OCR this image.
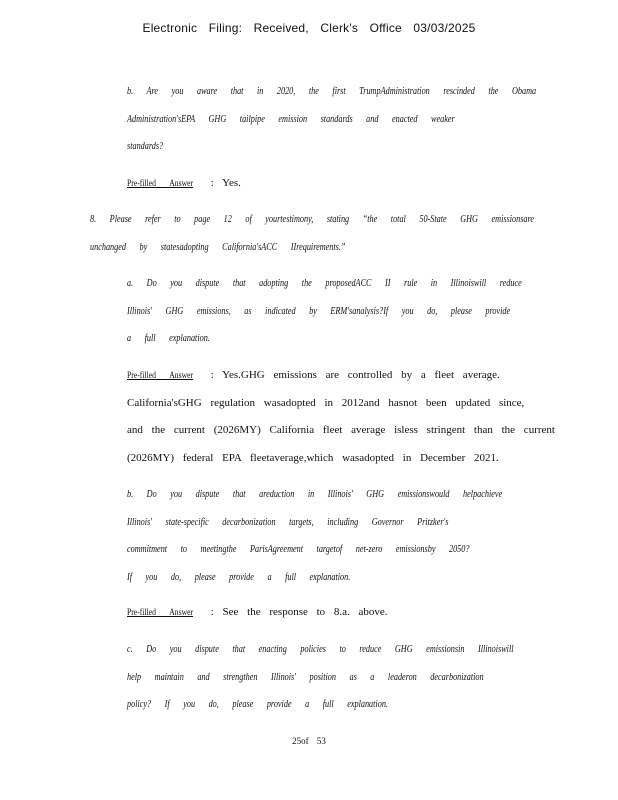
Electronic Filing: Received, Clerk's Office 03/03/2025
b. Are you aware that in 2020, the first TrumpAdministration rescinded the Obama
Administration'sEPA GHG tailpipe emission standards and enacted weaker
standards?
Pre-filled Answer : Yes.
8. Please refer to page 12 of yourtestimony, stating “the total 50-State GHG emissionsare
unchanged by statesadopting California'sACC IIrequirements.”
a. Do you dispute that adopting the proposedACC II rule in Illinoiswill reduce
Illinois' GHG emissions, as indicated by ERM'sanalysis?If you do, please provide
a full explanation.
Pre-filled Answer : Yes.GHG emissions are controlled by a fleet average.
California'sGHG regulation wasadopted in 2012and hasnot been updated since,
and the current (2026MY) California fleet average isless stringent than the current
(2026MY) federal EPA fleetaverage,which wasadopted in December 2021.
b. Do you dispute that areduction in Illinois' GHG emissionswould helpachieve
Illinois' state-specific decarbonization targets, including Governor Pritzker's
commitment to meetingthe ParisAgreement targetof net-zero emissionsby 2050?
If you do, please provide a full explanation.
Pre-filled Answer : See the response to 8.a. above.
c. Do you dispute that enacting policies to reduce GHG emissionsin Illinoiswill
help maintain and strengthen Illinois' position as a leaderon decarbonization
policy? If you do, please provide a full explanation.
25of 53
